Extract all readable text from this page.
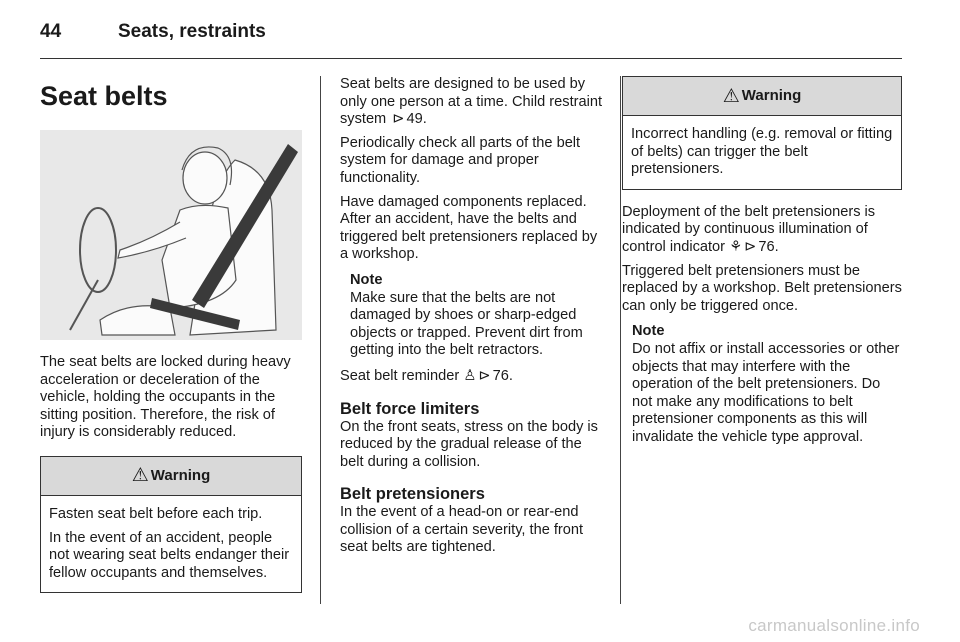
44	Seats, restraints
Seat belts

The seat belts are locked during heavy acceleration or deceleration of the vehicle, holding the occupants in the sitting position. Therefore, the risk of injury is considerably reduced.

⚠ Warning

Fasten seat belt before each trip.

In the event of an accident, people not wearing seat belts endanger their fellow occupants and themselves.

Seat belts are designed to be used by only one person at a time. Child restraint system ⊳ 49.

Periodically check all parts of the belt system for damage and proper functionality.

Have damaged components replaced. After an accident, have the belts and triggered belt pretensioners replaced by a workshop.

Note

Make sure that the belts are not damaged by shoes or sharp-edged objects or trapped. Prevent dirt from getting into the belt retractors.

Seat belt reminder ♙ ⊳ 76.

Belt force limiters

On the front seats, stress on the body is reduced by the gradual release of the belt during a collision.

Belt pretensioners

In the event of a head-on or rear-end collision of a certain severity, the front seat belts are tightened.

⚠ Warning

Incorrect handling (e.g. removal or fitting of belts) can trigger the belt pretensioners.

Deployment of the belt pretensioners is indicated by continuous illumination of control indicator ⚘ ⊳ 76.

Triggered belt pretensioners must be replaced by a workshop. Belt pretensioners can only be triggered once.

Note

Do not affix or install accessories or other objects that may interfere with the operation of the belt pretensioners. Do not make any modifications to belt pretensioner components as this will invalidate the vehicle type approval.

carmanualsonline.info
